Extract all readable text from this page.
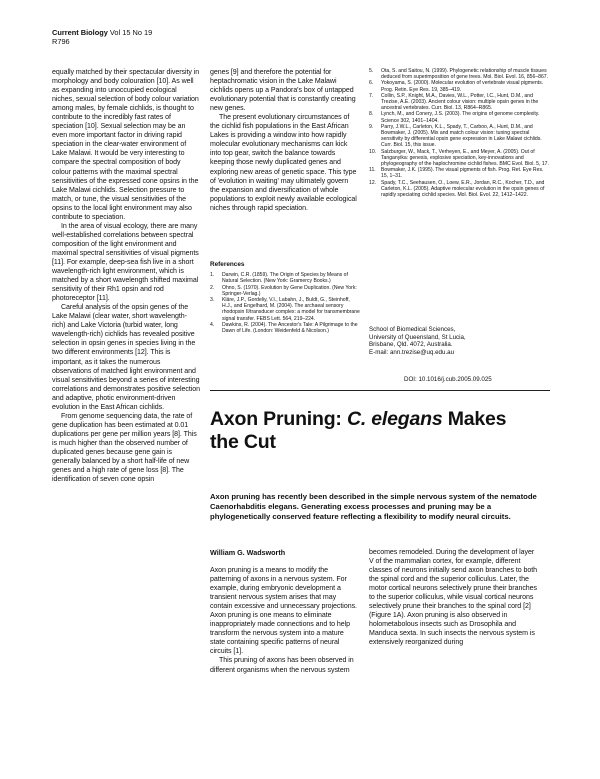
Current Biology Vol 15 No 19
R796

equally matched by their spectacular diversity in morphology and body colouration [10]. As well as expanding into unoccupied ecological niches, sexual selection of body colour variation among males, by female cichlids, is thought to contribute to the incredibly fast rates of speciation [10]. Sexual selection may be an even more important factor in driving rapid speciation in the clear-water environment of Lake Malawi. It would be very interesting to compare the spectral composition of body colour patterns with the maximal spectral sensitivities of the expressed cone opsins in the Lake Malawi cichlids. Selection pressure to match, or tune, the visual sensitivities of the opsins to the local light environment may also contribute to speciation.

In the area of visual ecology, there are many well-established correlations between spectral composition of the light environment and maximal spectral sensitivities of visual pigments [11]. For example, deep-sea fish live in a short wavelength-rich light environment, which is matched by a short wavelength shifted maximal sensitivity of their Rh1 opsin and rod photoreceptor [11].

Careful analysis of the opsin genes of the Lake Malawi (clear water, short wavelength-rich) and Lake Victoria (turbid water, long wavelength-rich) cichlids has revealed positive selection in opsin genes in species living in the two different environments [12]. This is important, as it takes the numerous observations of matched light environment and visual sensitivities beyond a series of interesting correlations and demonstrates positive selection and adaptive, photic environment-driven evolution in the East African cichlids.

From genome sequencing data, the rate of gene duplication has been estimated at 0.01 duplications per gene per million years [8]. This is much higher than the observed number of duplicated genes because gene gain is generally balanced by a short half-life of new genes and a high rate of gene loss [8]. The identification of seven cone opsin

genes [9] and therefore the potential for heptachromatic vision in the Lake Malawi cichlids opens up a Pandora's box of untapped evolutionary potential that is constantly creating new genes.

The present evolutionary circumstances of the cichlid fish populations in the East African Lakes is providing a window into how rapidly molecular evolutionary mechanisms can kick into top gear, switch the balance towards keeping those newly duplicated genes and exploring new areas of genetic space. This type of 'evolution in waiting' may ultimately govern the expansion and diversification of whole populations to exploit newly available ecological niches through rapid speciation.

References
1.	Darwin, C.R. (1859). The Origin of Species by Means of Natural Selection. (New York: Gramercy Books.)
2.	Ohno, S. (1970). Evolution by Gene Duplication. (New York: Springer-Verlag.)
3.	Kläre, J.P., Gordeliy, V.I., Labahn, J., Buldt, G., Steinhoff, H.J., and Engelhard, M. (2004). The archaeal sensory rhodopsin II/transducer complex: a model for transmembrane signal transfer. FEBS Lett. 564, 219–224.
4.	Dawkins, R. (2004). The Ancestor's Tale: A Pilgrimage to the Dawn of Life. (London: Weidenfeld & Nicolson.)
5.	Ota, S. and Saitou, N. (1999). Phylogenetic relationship of muscle tissues deduced from superimposition of gene trees. Mol. Biol. Evol. 16, 856–867.
6.	Yokoyama, S. (2000). Molecular evolution of vertebrate visual pigments. Prog. Retin. Eye Res. 19, 385–419.
7.	Collin, S.P., Knight, M.A., Davies, W.L., Potter, I.C., Hunt, D.M., and Trezise, A.E. (2003). Ancient colour vision: multiple opsin genes in the ancestral vertebrates. Curr. Biol. 13, R864–R865.
8.	Lynch, M., and Conery, J.S. (2003). The origins of genome complexity. Science 302, 1401–1404.
9.	Parry, J.W.L., Carleton, K.L., Spady, T., Carboo, A., Hunt, D.M., and Bowmaker, J. (2005). Mix and match colour vision: tuning spectral sensitivity by differential opsin gene expression in Lake Malawi cichlids. Curr. Biol. 15, this issue.
10. Salzburger, W., Mack, T., Verheyen, E., and Meyer, A. (2005). Out of Tanganyika: genesis, explosive speciation, key-innovations and phylogeography of the haplochromine cichlid fishes. BMC Evol. Biol. 5, 17.
11.	Bowmaker, J.K. (1995). The visual pigments of fish. Prog. Ret. Eye Res. 15, 1–31.
12. Spady, T.C., Seehausen, O., Loew, E.R., Jordan, R.C., Kocher, T.D., and Carleton, K.L. (2005). Adaptive molecular evolution in the opsin genes of rapidly speciating cichlid species. Mol. Biol. Evol. 22, 1412–1422.
School of Biomedical Sciences,
University of Queensland, St Lucia,
Brisbane, Qld. 4072, Australia.
E-mail: ann.trezise@uq.edu.au
DOI: 10.1016/j.cub.2005.09.025
Axon Pruning: C. elegans Makes
the Cut
Axon pruning has recently been described in the simple nervous system of the nematode Caenorhabditis elegans. Generating excess processes and pruning may be a phylogenetically conserved feature reflecting a flexibility to modify neural circuits.
William G. Wadsworth

Axon pruning is a means to modify the patterning of axons in a nervous system. For example, during embryonic development a transient nervous system arises that may contain excessive and unnecessary projections. Axon pruning is one means to eliminate inappropriately made connections and to help transform the nervous system into a mature state containing specific patterns of neural circuits [1].

This pruning of axons has been observed in different organisms when the nervous system

becomes remodeled. During the development of layer V of the mammalian cortex, for example, different classes of neurons initially send axon branches to both the spinal cord and the superior colliculus. Later, the motor cortical neurons selectively prune their branches to the superior colliculus, while visual cortical neurons selectively prune their branches to the spinal cord [2] (Figure 1A). Axon pruning is also observed in holometabolous insects such as Drosophila and Manduca sexta. In such insects the nervous system is extensively reorganized during
